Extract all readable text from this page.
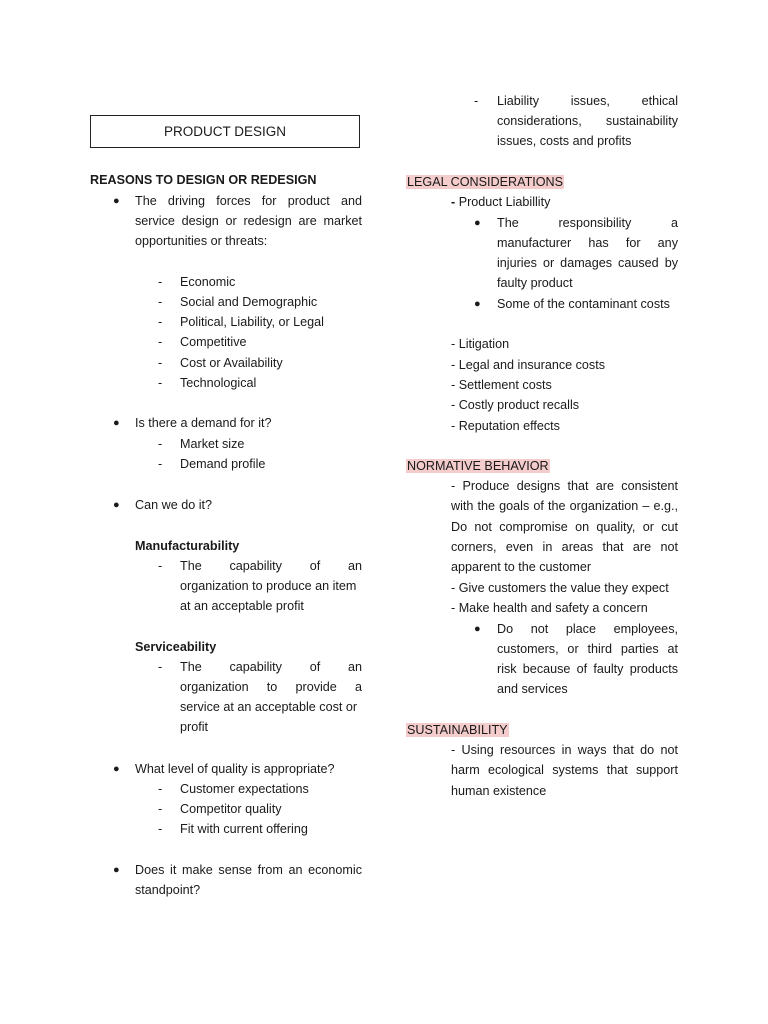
PRODUCT DESIGN
REASONS TO DESIGN OR REDESIGN
● The driving forces for product and
service design or redesign are market
opportunities or threats:
- Economic
- Social and Demographic
- Political, Liability, or Legal
- Competitive
- Cost or Availability
- Technological
● Is there a demand for it?
- Market size
- Demand profile
● Can we do it?
Manufacturability
- The capability of an
organization to produce an item
at an acceptable profit
Serviceability
- The capability of an
organization to provide a
service at an acceptable cost or
profit
● What level of quality is appropriate?
- Customer expectations
- Competitor quality
- Fit with current offering
● Does it make sense from an economic
standpoint?
- Liability issues, ethical
considerations, sustainability
issues, costs and profits
LEGAL CONSIDERATIONS
- Product Liabillity
● The responsibility a
manufacturer has for any
injuries or damages caused by
faulty product
● Some of the contaminant costs
- Litigation
- Legal and insurance costs
- Settlement costs
- Costly product recalls
- Reputation effects
NORMATIVE BEHAVIOR
- Produce designs that are consistent
with the goals of the organization – e.g.,
Do not compromise on quality, or cut
corners, even in areas that are not
apparent to the customer
- Give customers the value they expect
- Make health and safety a concern
● Do not place employees,
customers, or third parties at
risk because of faulty products
and services
SUSTAINABILITY
- Using resources in ways that do not
harm ecological systems that support
human existence
